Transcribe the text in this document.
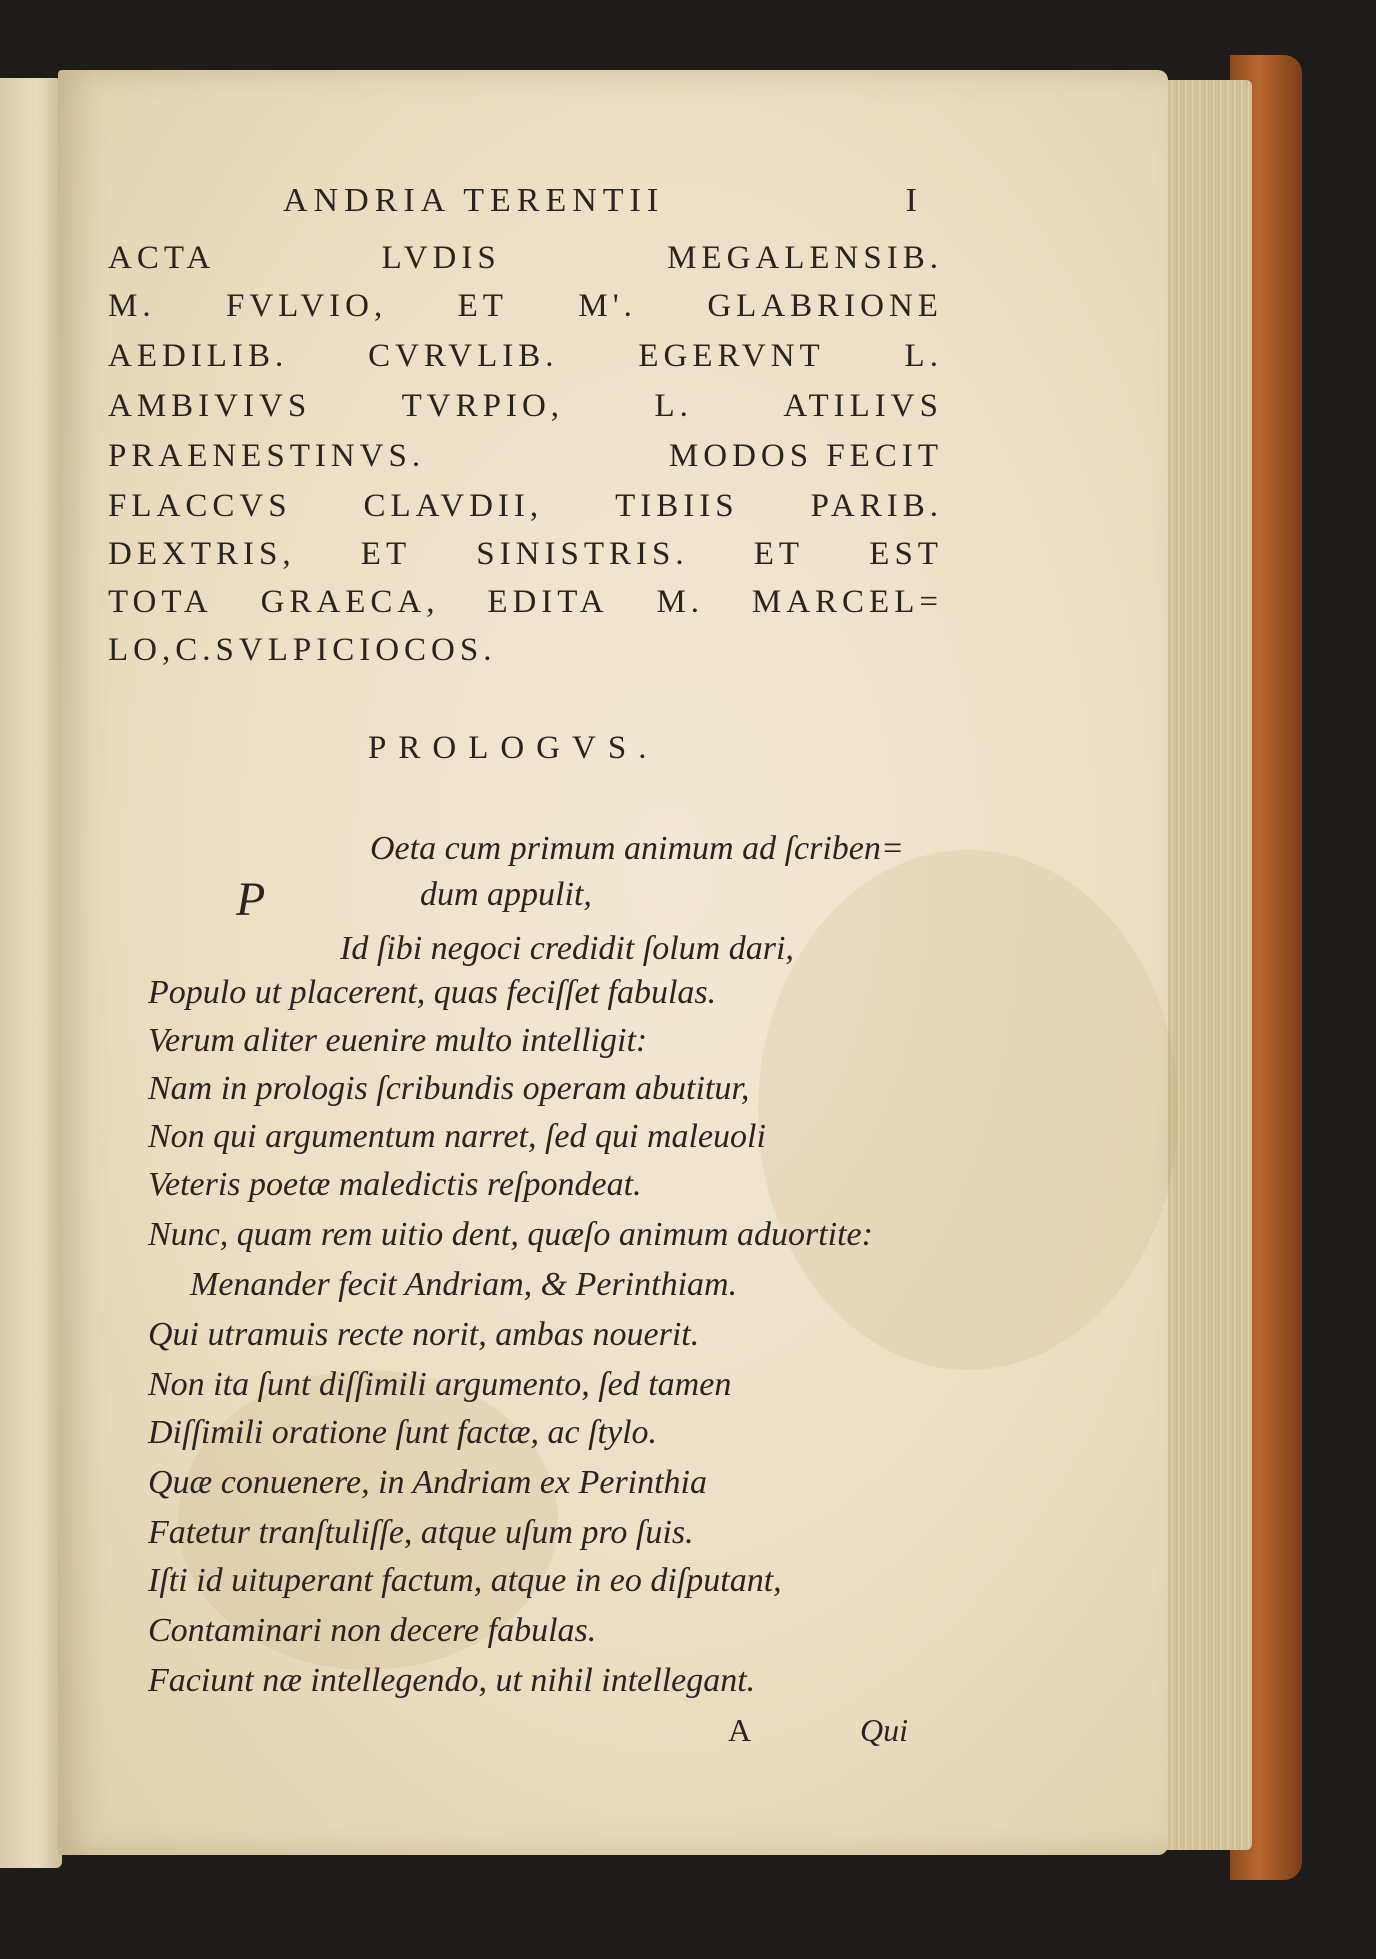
ANDRIA TERENTII	I
ACTA	LVDIS	MEGALENSIB.
M. FVLVIO, ET M'. GLABRIONE
AEDILIB. CVRVLIB. EGERVNT L.
AMBIVIVS	TVRPIO,	L.	ATILIVS
PRAENESTINVS.	MODOS FECIT
FLACCVS CLAVDII, TIBIIS PARIB.
DEXTRIS, ET SINISTRIS. ET EST
TOTA GRAECA, EDITA M. MARCEL=
LO, C. SVLPICIO COS.
PROLOGVS.
P
Oeta cum primum animum ad ſcriben=
dum appulit,
Id ſibi negoci credidit ſolum dari,
Populo ut placerent, quas feciſſet fabulas.
Verum aliter euenire multo intelligit:
Nam in prologis ſcribundis operam abutitur,
Non qui argumentum narret, ſed qui maleuoli
Veteris poetæ maledictis reſpondeat.
Nunc, quam rem uitio dent, quæſo animum aduortite:
Menander fecit Andriam, & Perinthiam.
Qui utramuis recte norit, ambas nouerit.
Non ita ſunt diſſimili argumento, ſed tamen
Diſſimili oratione ſunt factæ, ac ſtylo.
Quæ conuenere, in Andriam ex Perinthia
Fatetur tranſtuliſſe, atque uſum pro ſuis.
Iſti id uituperant factum, atque in eo diſputant,
Contaminari non decere fabulas.
Faciunt næ intellegendo, ut nihil intellegant.
A	Qui
